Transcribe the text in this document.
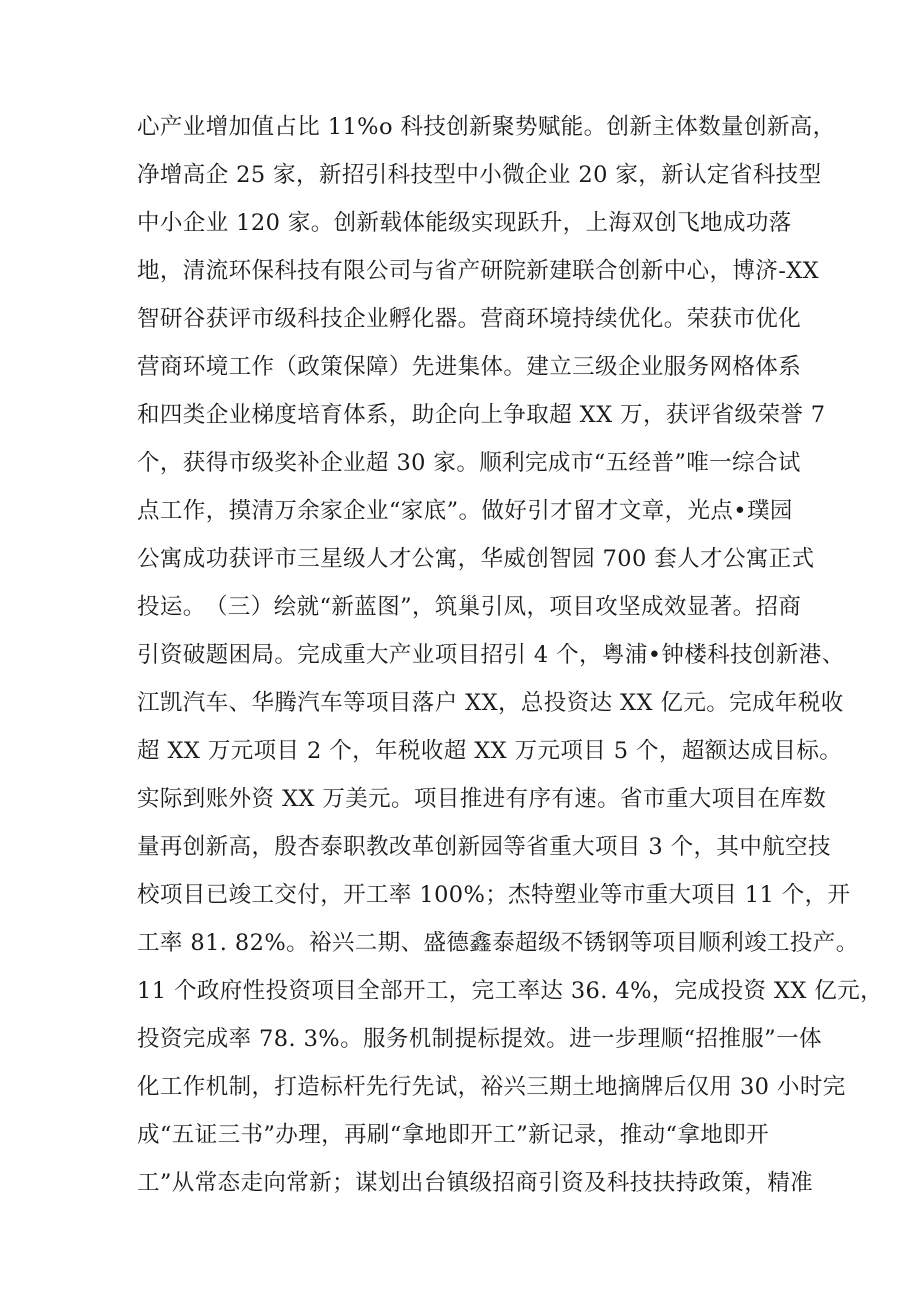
心产业增加值占比 11%o 科技创新聚势赋能。创新主体数量创新高，
净增高企 25 家，新招引科技型中小微企业 20 家，新认定省科技型
中小企业 120 家。创新载体能级实现跃升，上海双创飞地成功落
地，清流环保科技有限公司与省产研院新建联合创新中心，博济-XX
智研谷获评市级科技企业孵化器。营商环境持续优化。荣获市优化
营商环境工作（政策保障）先进集体。建立三级企业服务网格体系
和四类企业梯度培育体系，助企向上争取超 XX 万，获评省级荣誉 7
个，获得市级奖补企业超 30 家。顺利完成市“五经普”唯一综合试
点工作，摸清万余家企业“家底”。做好引才留才文章，光点•璞园
公寓成功获评市三星级人才公寓，华威创智园 700 套人才公寓正式
投运。 （三）绘就“新蓝图”，筑巢引凤，项目攻坚成效显著。招商
引资破题困局。完成重大产业项目招引 4 个，粤浦•钟楼科技创新港、
江凯汽车、华腾汽车等项目落户 XX，总投资达 XX 亿元。完成年税收
超 XX 万元项目 2 个，年税收超 XX 万元项目 5 个，超额达成目标。
实际到账外资 XX 万美元。项目推进有序有速。省市重大项目在库数
量再创新高，殷杏泰职教改革创新园等省重大项目 3 个，其中航空技
校项目已竣工交付，开工率 100%；杰特塑业等市重大项目 11 个，开
工率 81. 82%。裕兴二期、盛德鑫泰超级不锈钢等项目顺利竣工投产。
11 个政府性投资项目全部开工，完工率达 36. 4%，完成投资 XX 亿元，
投资完成率 78. 3%。服务机制提标提效。进一步理顺“招推服”一体
化工作机制，打造标杆先行先试，裕兴三期土地摘牌后仅用 30 小时完
成“五证三书”办理，再刷“拿地即开工”新记录，推动“拿地即开
工”从常态走向常新；谋划出台镇级招商引资及科技扶持政策，精准
